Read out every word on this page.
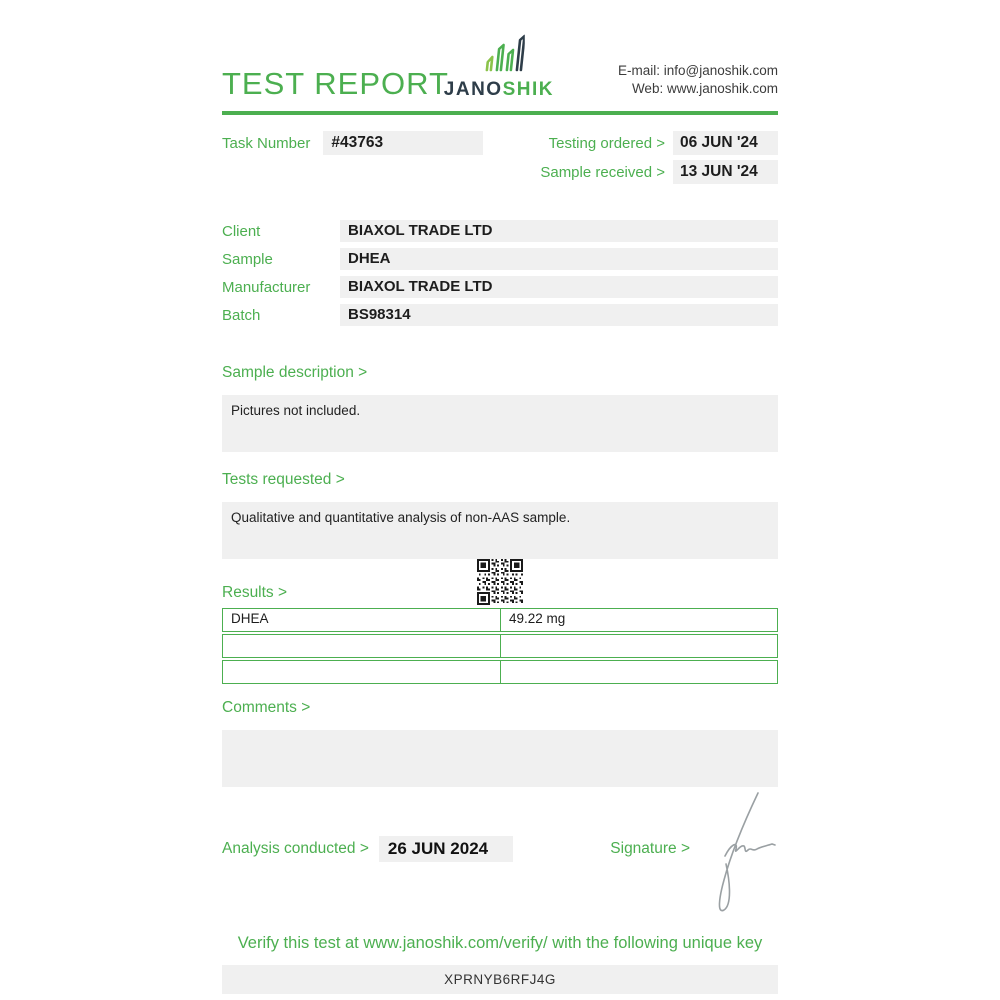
TEST REPORT
JANOSHIK
E-mail: info@janoshik.com
Web: www.janoshik.com
Task Number	#43763	Testing ordered > 06 JUN '24
Sample received > 13 JUN '24
Client	BIAXOL TRADE LTD
Sample	DHEA
Manufacturer	BIAXOL TRADE LTD
Batch	BS98314
Sample description >
Pictures not included.
Tests requested >
Qualitative and quantitative analysis of non-AAS sample.
Results >
DHEA	49.22 mg
Comments >
Analysis conducted >	26 JUN 2024	Signature >
Verify this test at www.janoshik.com/verify/ with the following unique key
XPRNYB6RFJ4G
